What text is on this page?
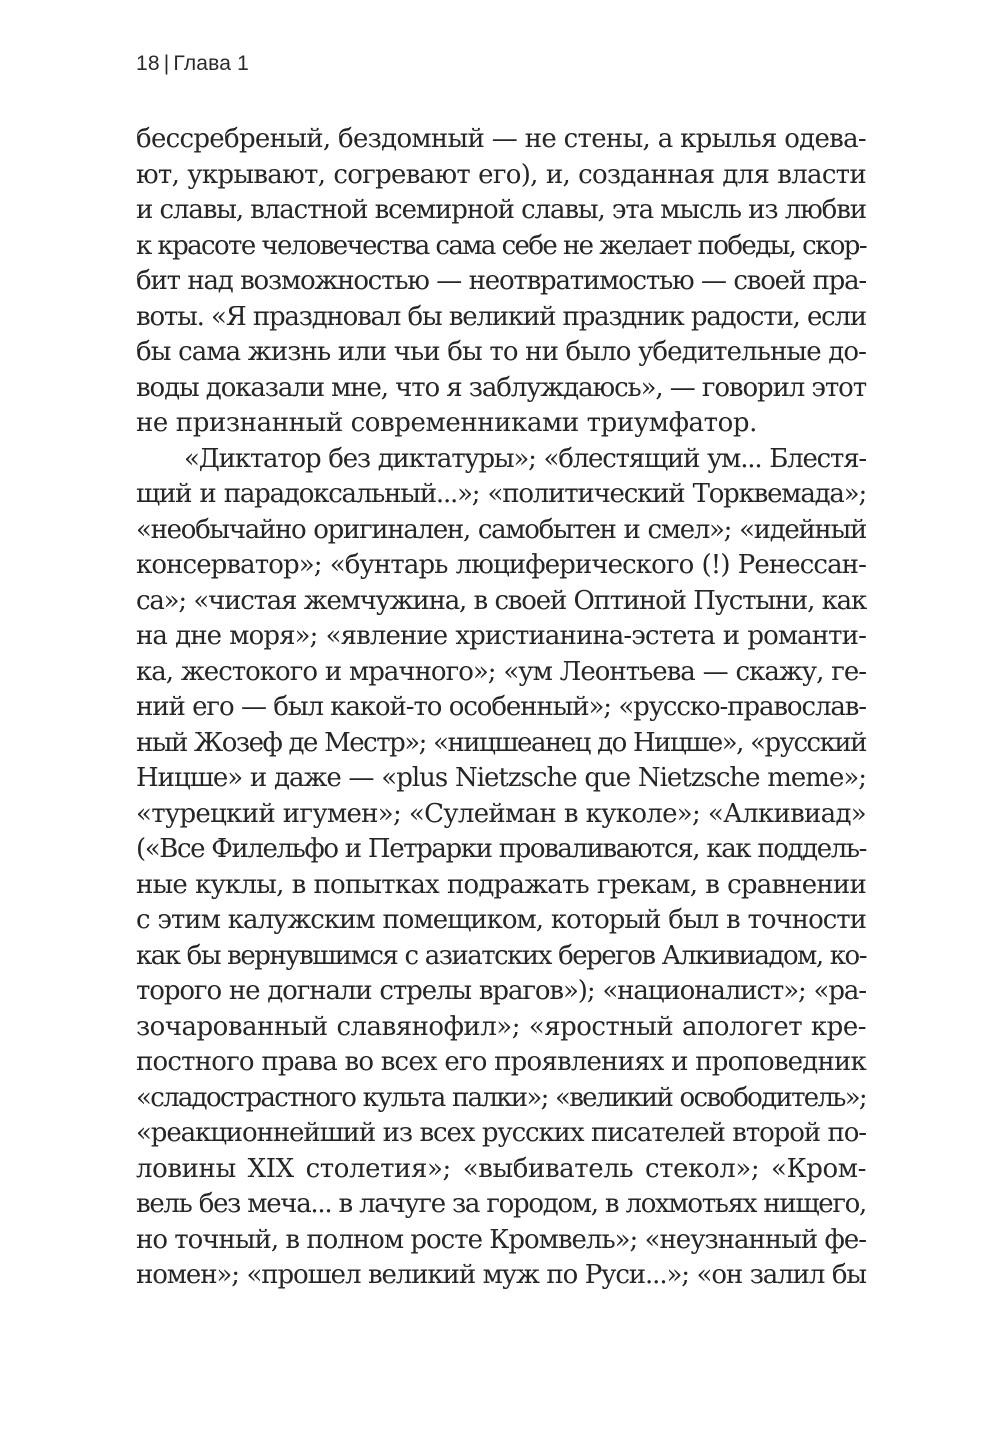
18 | Глава 1
бессребреный, бездомный — не стены, а крылья одева-
ют, укрывают, согревают его), и, созданная для власти
и славы, властной всемирной славы, эта мысль из любви
к красоте человечества сама себе не желает победы, скор-
бит над возможностью — неотвратимостью — своей пра-
воты. «Я праздновал бы великий праздник радости, если
бы сама жизнь или чьи бы то ни было убедительные до-
воды доказали мне, что я заблуждаюсь», — говорил этот
не признанный современниками триумфатор.
«Диктатор без диктатуры»; «блестящий ум... Блестя-
щий и парадоксальный...»; «политический Торквемада»;
«необычайно оригинален, самобытен и смел»; «идейный
консерватор»; «бунтарь люциферического (!) Ренессан-
са»; «чистая жемчужина, в своей Оптиной Пустыни, как
на дне моря»; «явление христианина-эстета и романти-
ка, жестокого и мрачного»; «ум Леонтьева — скажу, ге-
ний его — был какой-то особенный»; «русско-православ-
ный Жозеф де Местр»; «ницшеанец до Ницше», «русский
Ницше» и даже — «plus Nietzsche que Nietzsche meme»;
«турецкий игумен»; «Сулейман в куколе»; «Алкивиад»
(«Все Филельфо и Петрарки проваливаются, как поддель-
ные куклы, в попытках подражать грекам, в сравнении
с этим калужским помещиком, который был в точности
как бы вернувшимся с азиатских берегов Алкивиадом, ко-
торого не догнали стрелы врагов»); «националист»; «ра-
зочарованный славянофил»; «яростный апологет кре-
постного права во всех его проявлениях и проповедник
«сладострастного культа палки»; «великий освободитель»;
«реакционнейший из всех русских писателей второй по-
ловины XIX столетия»; «выбиватель стекол»; «Кром-
вель без меча... в лачуге за городом, в лохмотьях нищего,
но точный, в полном росте Кромвель»; «неузнанный фе-
номен»; «прошел великий муж по Руси...»; «он залил бы
